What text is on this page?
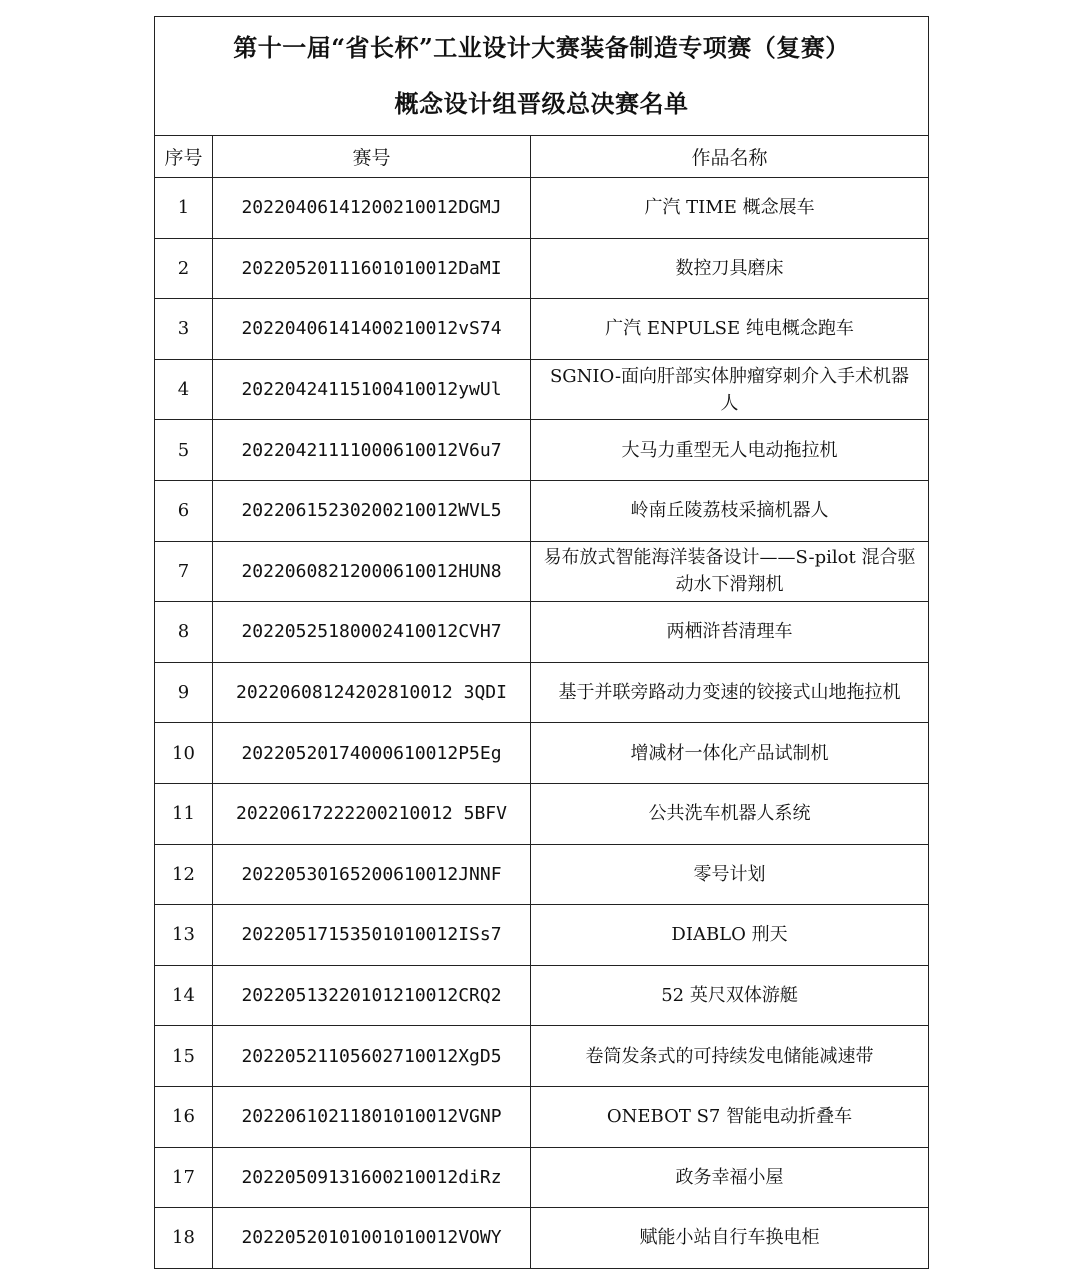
第十一届“省长杯”工业设计大赛装备制造专项赛（复赛）
概念设计组晋级总决赛名单		

序号	赛号	作品名称
1	20220406141200210012DGMJ	广汽 TIME 概念展车
2	20220520111601010012DaMI	数控刀具磨床
3	20220406141400210012vS74	广汽 ENPULSE 纯电概念跑车
4	20220424115100410012ywUl	SGNIO-面向肝部实体肿瘤穿刺介入手术机器人
5	20220421111000610012V6u7	大马力重型无人电动拖拉机
6	20220615230200210012WVL5	岭南丘陵荔枝采摘机器人
7	20220608212000610012HUN8	易布放式智能海洋装备设计——S-pilot 混合驱动水下滑翔机
8	20220525180002410012CVH7	两栖浒苔清理车
9	20220608124202810012 3QDI	基于并联旁路动力变速的铰接式山地拖拉机
10	20220520174000610012P5Eg	增减材一体化产品试制机
11	20220617222200210012 5BFV	公共洗车机器人系统
12	20220530165200610012JNNF	零号计划
13	20220517153501010012ISs7	DIABLO 刑天
14	20220513220101210012CRQ2	52 英尺双体游艇
15	20220521105602710012XgD5	卷筒发条式的可持续发电储能减速带
16	20220610211801010012VGNP	ONEBOT S7 智能电动折叠车
17	20220509131600210012diRz	政务幸福小屋
18	20220520101001010012VOWY	赋能小站自行车换电柜
